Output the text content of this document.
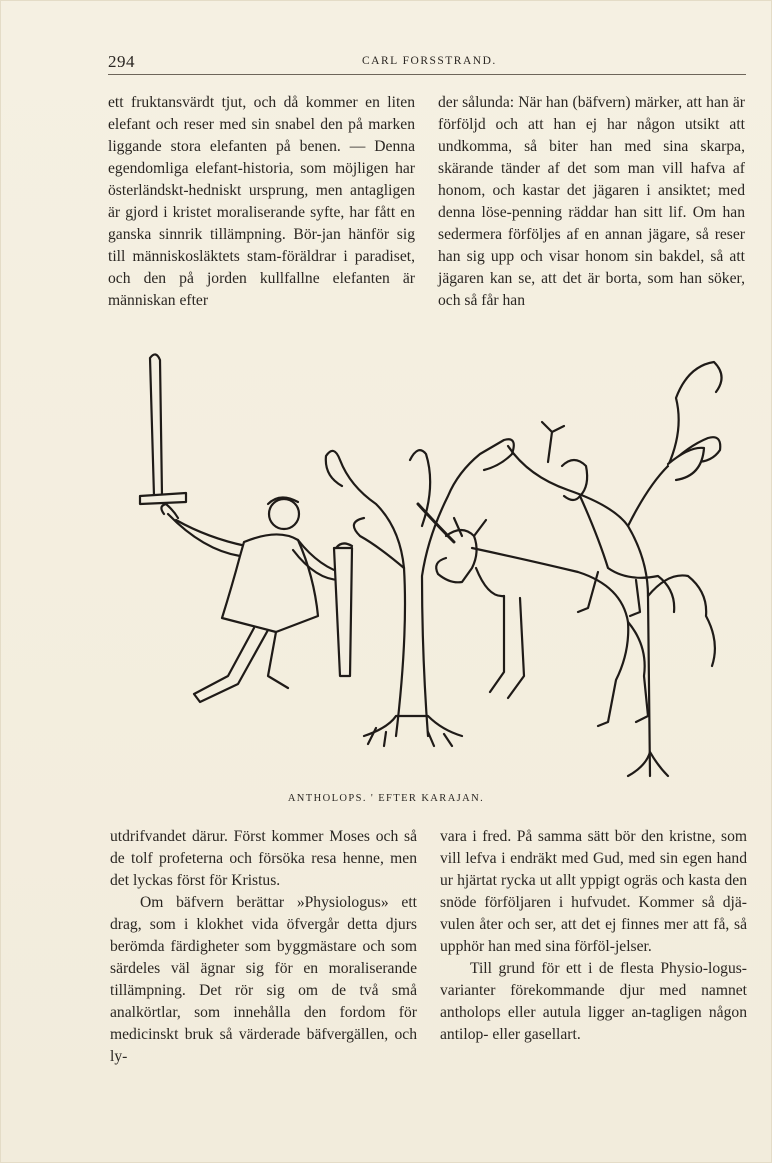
294	CARL FORSSTRAND.

ett fruktansvärdt tjut, och då kommer en liten elefant och reser med sin snabel den på marken liggande stora elefanten på benen. — Denna egendomliga elefant-historia, som möjligen har österländskt-hedniskt ursprung, men antagligen är gjord i kristet moraliserande syfte, har fått en ganska sinnrik tillämpning. Bör-jan hänför sig till människosläktets stam-föräldrar i paradiset, och den på jorden kullfallne elefanten är människan efter

der sålunda: När han (bäfvern) märker, att han är förföljd och att han ej har någon utsikt att undkomma, så biter han med sina skarpa, skärande tänder af det som man vill hafva af honom, och kastar det jägaren i ansiktet; med denna löse-penning räddar han sitt lif. Om han sedermera förföljes af en annan jägare, så reser han sig upp och visar honom sin bakdel, så att jägaren kan se, att det är borta, som han söker, och så får han

ANTHOLOPS. ' EFTER KARAJAN.

utdrifvandet därur. Först kommer Moses och så de tolf profeterna och försöka resa henne, men det lyckas först för Kristus.

Om bäfvern berättar »Physiologus» ett drag, som i klokhet vida öfvergår detta djurs berömda färdigheter som byggmästare och som särdeles väl ägnar sig för en moraliserande tillämpning. Det rör sig om de två små analkörtlar, som innehålla den fordom för medicinskt bruk så värderade bäfvergällen, och ly-

vara i fred. På samma sätt bör den kristne, som vill lefva i endräkt med Gud, med sin egen hand ur hjärtat rycka ut allt yppigt ogräs och kasta den snöde förföljaren i hufvudet. Kommer så djä-vulen åter och ser, att det ej finnes mer att få, så upphör han med sina förföl-jelser.

Till grund för ett i de flesta Physio-logus-varianter förekommande djur med namnet antholops eller autula ligger an-tagligen någon antilop- eller gasellart.
